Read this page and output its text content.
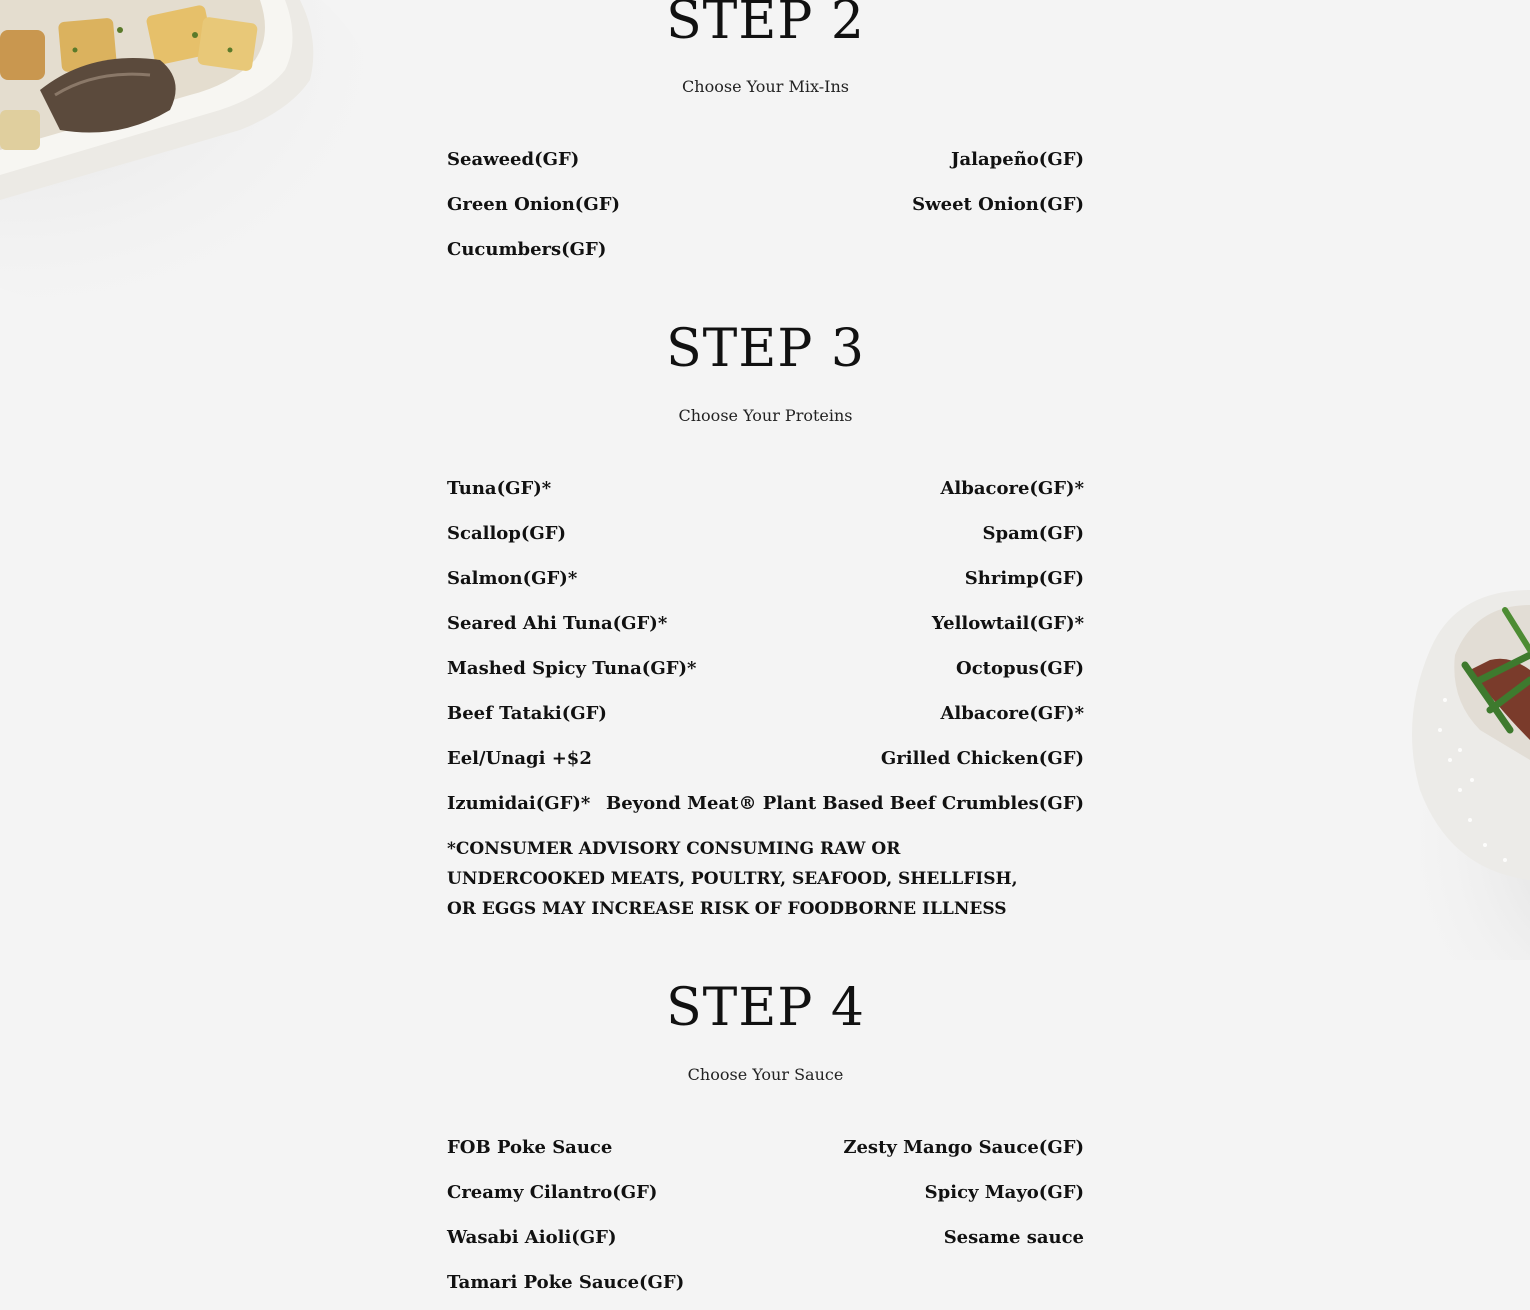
STEP 2

Choose Your Mix-Ins

Seaweed(GF)	Jalapeño(GF)
Green Onion(GF)	Sweet Onion(GF)
Cucumbers(GF)
STEP 3

Choose Your Proteins

Tuna(GF)*	Albacore(GF)*
Scallop(GF)	Spam(GF)
Salmon(GF)*	Shrimp(GF)
Seared Ahi Tuna(GF)*	Yellowtail(GF)*
Mashed Spicy Tuna(GF)*	Octopus(GF)
Beef Tataki(GF)	Albacore(GF)*
Eel/Unagi +$2	Grilled Chicken(GF)
Izumidai(GF)* Beyond Meat® Plant Based Beef Crumbles(GF)
*CONSUMER ADVISORY CONSUMING RAW OR UNDERCOOKED MEATS, POULTRY, SEAFOOD, SHELLFISH, OR EGGS MAY INCREASE RISK OF FOODBORNE ILLNESS
STEP 4

Choose Your Sauce

FOB Poke Sauce	Zesty Mango Sauce(GF)
Creamy Cilantro(GF)	Spicy Mayo(GF)
Wasabi Aioli(GF)	Sesame sauce
Tamari Poke Sauce(GF)
